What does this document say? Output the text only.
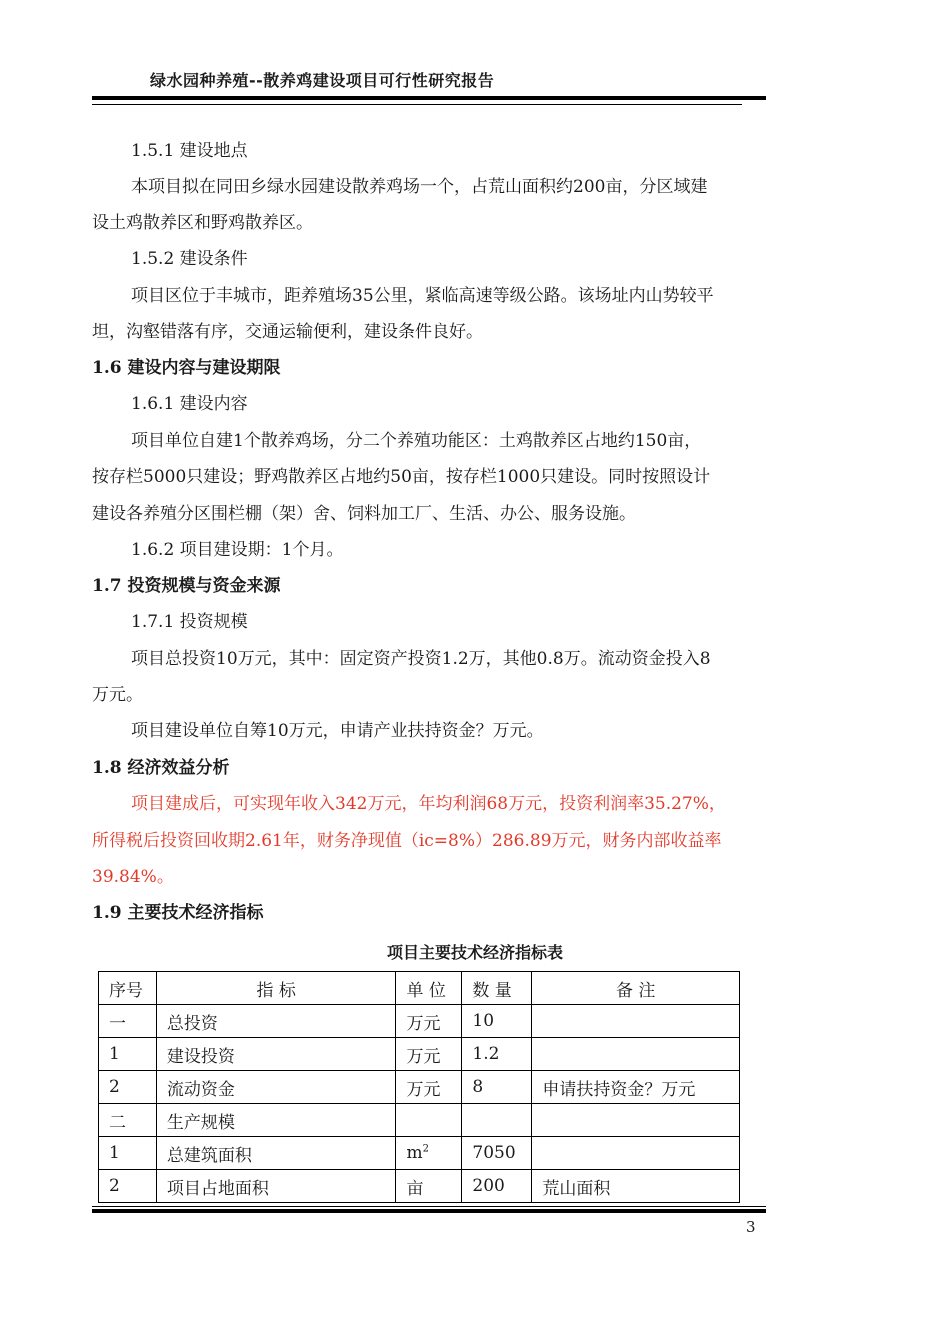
绿水园种养殖--散养鸡建设项目可行性研究报告
1.5.1 建设地点
本项目拟在同田乡绿水园建设散养鸡场一个，占荒山面积约200亩，分区域建
设土鸡散养区和野鸡散养区。
1.5.2 建设条件
项目区位于丰城市，距养殖场35公里，紧临高速等级公路。该场址内山势较平
坦，沟壑错落有序，交通运输便利，建设条件良好。
1.6 建设内容与建设期限
1.6.1 建设内容
项目单位自建1个散养鸡场，分二个养殖功能区：土鸡散养区占地约150亩，
按存栏5000只建设；野鸡散养区占地约50亩，按存栏1000只建设。同时按照设计
建设各养殖分区围栏棚（架）舍、饲料加工厂、生活、办公、服务设施。
1.6.2 项目建设期：1个月。
1.7 投资规模与资金来源
1.7.1 投资规模
项目总投资10万元，其中：固定资产投资1.2万，其他0.8万。流动资金投入8
万元。
项目建设单位自筹10万元，申请产业扶持资金？万元。
1.8 经济效益分析
项目建成后，可实现年收入342万元，年均利润68万元，投资利润率35.27%，
所得税后投资回收期2.61年，财务净现值（ic=8%）286.89万元，财务内部收益率
39.84%。
1.9 主要技术经济指标
项目主要技术经济指标表
序号	指 标	单 位	数 量	备 注
一	总投资	万元	10	
1	建设投资	万元	1.2	
2	流动资金	万元	8	申请扶持资金？万元
二	生产规模			
1	总建筑面积	$m^2$	7050	
2	项目占地面积	亩	200	荒山面积
3
